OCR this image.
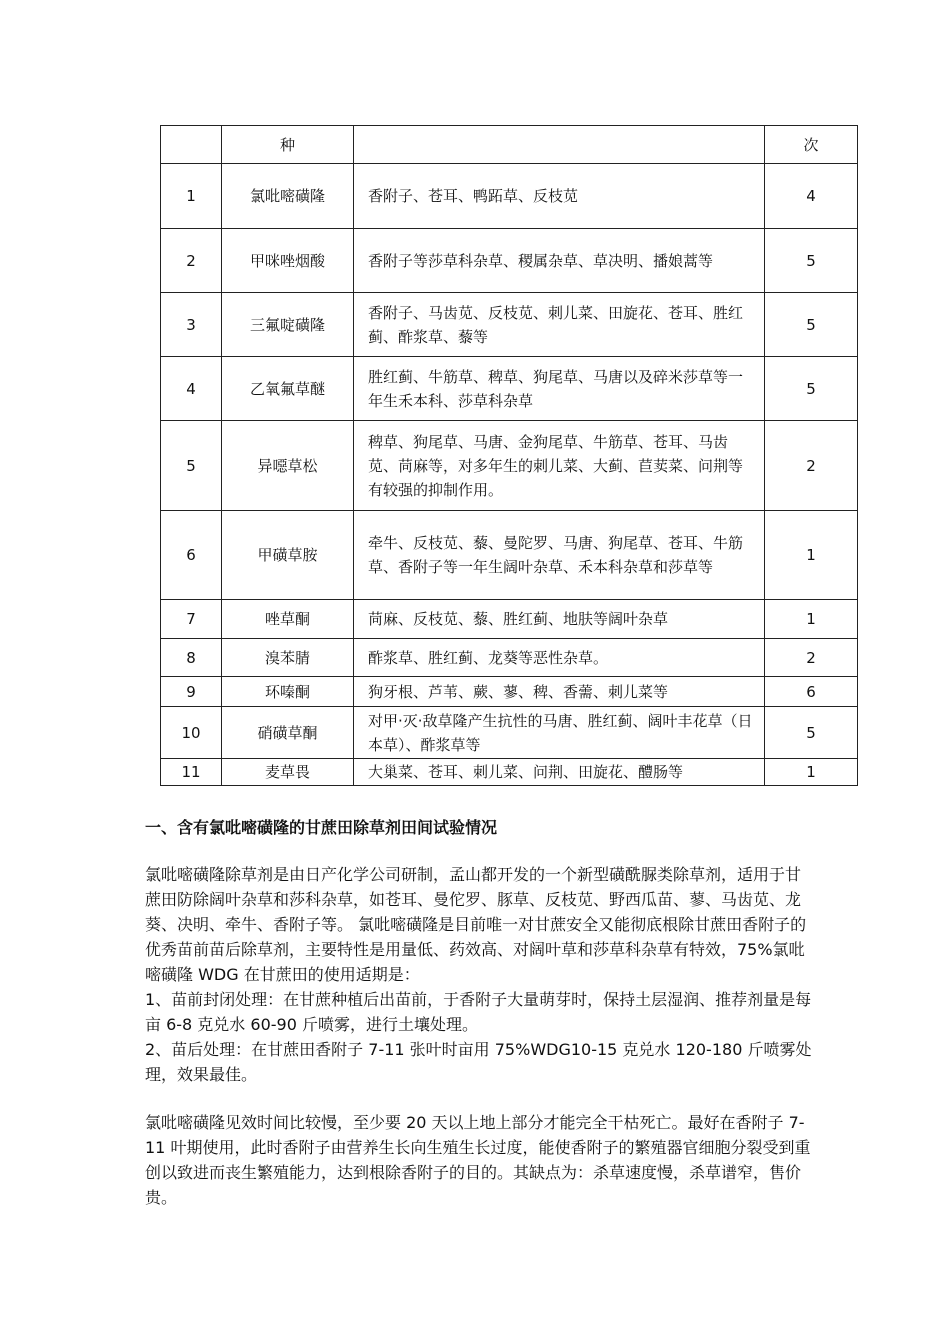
	种		次
1	氯吡嘧磺隆	香附子、苍耳、鸭跖草、反枝苋	4
2	甲咪唑烟酸	香附子等莎草科杂草、稷属杂草、草决明、播娘蒿等	5
3	三氟啶磺隆	香附子、马齿苋、反枝苋、刺儿菜、田旋花、苍耳、胜红蓟、酢浆草、藜等	5
4	乙氧氟草醚	胜红蓟、牛筋草、稗草、狗尾草、马唐以及碎米莎草等一年生禾本科、莎草科杂草	5
5	异噁草松	稗草、狗尾草、马唐、金狗尾草、牛筋草、苍耳、马齿苋、苘麻等，对多年生的刺儿菜、大蓟、苣荬菜、问荆等有较强的抑制作用。	2
6	甲磺草胺	牵牛、反枝苋、藜、曼陀罗、马唐、狗尾草、苍耳、牛筋草、香附子等一年生阔叶杂草、禾本科杂草和莎草等	1
7	唑草酮	苘麻、反枝苋、藜、胜红蓟、地肤等阔叶杂草	1
8	溴苯腈	酢浆草、胜红蓟、龙葵等恶性杂草。	2
9	环嗪酮	狗牙根、芦苇、蕨、蓼、稗、香薷、刺儿菜等	6
10	硝磺草酮	对甲·灭·敌草隆产生抗性的马唐、胜红蓟、阔叶丰花草（日本草）、酢浆草等	5
11	麦草畏	大巢菜、苍耳、刺儿菜、问荆、田旋花、醴肠等	1
一、含有氯吡嘧磺隆的甘蔗田除草剂田间试验情况

氯吡嘧磺隆除草剂是由日产化学公司研制，孟山都开发的一个新型磺酰脲类除草剂，适用于甘蔗田防除阔叶杂草和莎科杂草，如苍耳、曼佗罗、豚草、反枝苋、野西瓜苗、蓼、马齿苋、龙葵、决明、牵牛、香附子等。 氯吡嘧磺隆是目前唯一对甘蔗安全又能彻底根除甘蔗田香附子的优秀苗前苗后除草剂，主要特性是用量低、药效高、对阔叶草和莎草科杂草有特效，75%氯吡嘧磺隆 WDG 在甘蔗田的使用适期是：

1、苗前封闭处理：在甘蔗种植后出苗前，于香附子大量萌芽时，保持土层湿润、推荐剂量是每亩 6-8 克兑水 60-90 斤喷雾，进行土壤处理。

2、苗后处理：在甘蔗田香附子 7-11 张叶时亩用 75%WDG10-15 克兑水 120-180 斤喷雾处理，效果最佳。

氯吡嘧磺隆见效时间比较慢，至少要 20 天以上地上部分才能完全干枯死亡。最好在香附子 7-11 叶期使用，此时香附子由营养生长向生殖生长过度，能使香附子的繁殖器官细胞分裂受到重创以致进而丧生繁殖能力，达到根除香附子的目的。其缺点为：杀草速度慢，杀草谱窄，售价贵。
